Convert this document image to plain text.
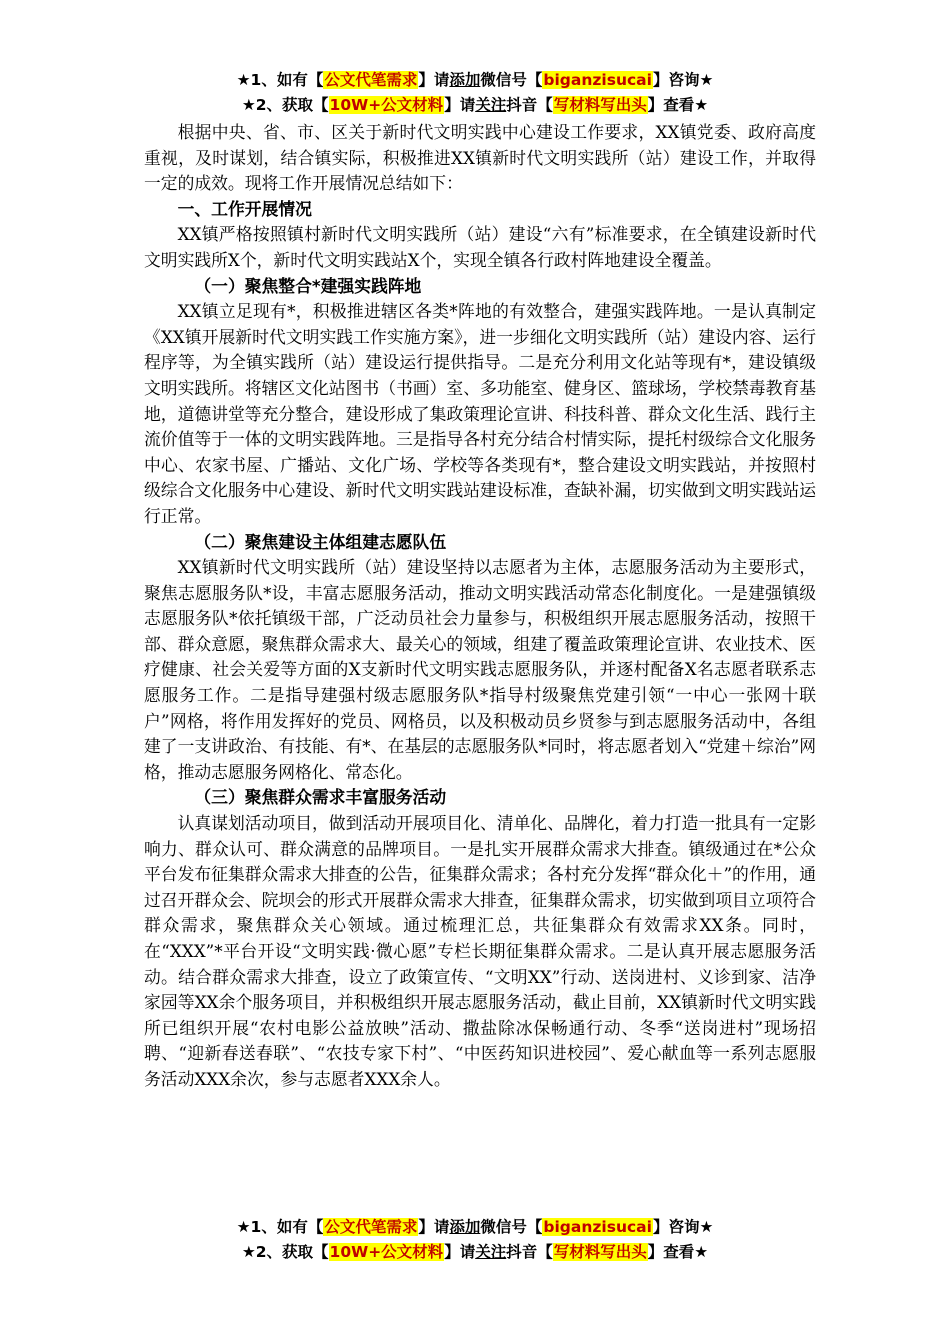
★1、如有【公文代笔需求】请添加微信号【biganzisucai】咨询★
★2、获取【10W+公文材料】请关注抖音【写材料写出头】查看★

根据中央、省、市、区关于新时代文明实践中心建设工作要求，XX镇党委、政府高度重视，及时谋划，结合镇实际，积极推进XX镇新时代文明实践所（站）建设工作，并取得一定的成效。现将工作开展情况总结如下：

一、工作开展情况

XX镇严格按照镇村新时代文明实践所（站）建设“六有”标准要求，在全镇建设新时代文明实践所X个，新时代文明实践站X个，实现全镇各行政村阵地建设全覆盖。

（一）聚焦整合*建强实践阵地

XX镇立足现有*，积极推进辖区各类*阵地的有效整合，建强实践阵地。一是认真制定《XX镇开展新时代文明实践工作实施方案》，进一步细化文明实践所（站）建设内容、运行程序等，为全镇实践所（站）建设运行提供指导。二是充分利用文化站等现有*，建设镇级文明实践所。将辖区文化站图书（书画）室、多功能室、健身区、篮球场，学校禁毒教育基地，道德讲堂等充分整合，建设形成了集政策理论宣讲、科技科普、群众文化生活、践行主流价值等于一体的文明实践阵地。三是指导各村充分结合村情实际，提托村级综合文化服务中心、农家书屋、广播站、文化广场、学校等各类现有*，整合建设文明实践站，并按照村级综合文化服务中心建设、新时代文明实践站建设标准，查缺补漏，切实做到文明实践站运行正常。

（二）聚焦建设主体组建志愿队伍

XX镇新时代文明实践所（站）建设坚持以志愿者为主体，志愿服务活动为主要形式，聚焦志愿服务队*设，丰富志愿服务活动，推动文明实践活动常态化制度化。一是建强镇级志愿服务队*依托镇级干部，广泛动员社会力量参与，积极组织开展志愿服务活动，按照干部、群众意愿，聚焦群众需求大、最关心的领域，组建了覆盖政策理论宣讲、农业技术、医疗健康、社会关爱等方面的X支新时代文明实践志愿服务队，并逐村配备X名志愿者联系志愿服务工作。二是指导建强村级志愿服务队*指导村级聚焦党建引领“一中心一张网十联户”网格，将作用发挥好的党员、网格员，以及积极动员乡贤参与到志愿服务活动中，各组建了一支讲政治、有技能、有*、在基层的志愿服务队*同时，将志愿者划入“党建＋综治”网格，推动志愿服务网格化、常态化。

（三）聚焦群众需求丰富服务活动

认真谋划活动项目，做到活动开展项目化、清单化、品牌化，着力打造一批具有一定影响力、群众认可、群众满意的品牌项目。一是扎实开展群众需求大排查。镇级通过在*公众平台发布征集群众需求大排查的公告，征集群众需求；各村充分发挥“群众化＋”的作用，通过召开群众会、院坝会的形式开展群众需求大排查，征集群众需求，切实做到项目立项符合群众需求，聚焦群众关心领域。通过梳理汇总，共征集群众有效需求XX条。同时，在“XXX”*平台开设“文明实践·微心愿”专栏长期征集群众需求。二是认真开展志愿服务活动。结合群众需求大排查，设立了政策宣传、“文明XX”行动、送岗进村、义诊到家、洁净家园等XX余个服务项目，并积极组织开展志愿服务活动，截止目前，XX镇新时代文明实践所已组织开展“农村电影公益放映”活动、撒盐除冰保畅通行动、冬季“送岗进村”现场招聘、“迎新春送春联”、“农技专家下村”、“中医药知识进校园”、爱心献血等一系列志愿服务活动XXX余次，参与志愿者XXX余人。

★1、如有【公文代笔需求】请添加微信号【biganzisucai】咨询★
★2、获取【10W+公文材料】请关注抖音【写材料写出头】查看★
